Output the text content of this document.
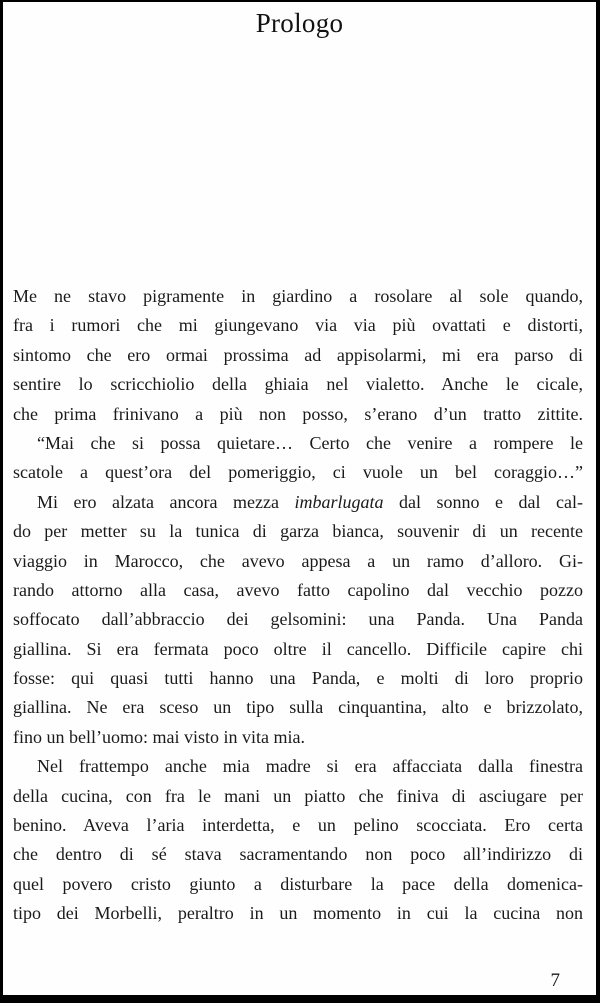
Prologo
Me ne stavo pigramente in giardino a rosolare al sole quando,
fra i rumori che mi giungevano via via più ovattati e distorti,
sintomo che ero ormai prossima ad appisolarmi, mi era parso di
sentire lo scricchiolio della ghiaia nel vialetto. Anche le cicale,
che prima frinivano a più non posso, s’erano d’un tratto zittite.
“Mai che si possa quietare… Certo che venire a rompere le
scatole a quest’ora del pomeriggio, ci vuole un bel coraggio…”
Mi ero alzata ancora mezza imbarlugata dal sonno e dal cal-
do per metter su la tunica di garza bianca, souvenir di un recente
viaggio in Marocco, che avevo appesa a un ramo d’alloro. Gi-
rando attorno alla casa, avevo fatto capolino dal vecchio pozzo
soffocato dall’abbraccio dei gelsomini: una Panda. Una Panda
giallina. Si era fermata poco oltre il cancello. Difficile capire chi
fosse: qui quasi tutti hanno una Panda, e molti di loro proprio
giallina. Ne era sceso un tipo sulla cinquantina, alto e brizzolato,
fino un bell’uomo: mai visto in vita mia.
Nel frattempo anche mia madre si era affacciata dalla finestra
della cucina, con fra le mani un piatto che finiva di asciugare per
benino. Aveva l’aria interdetta, e un pelino scocciata. Ero certa
che dentro di sé stava sacramentando non poco all’indirizzo di
quel povero cristo giunto a disturbare la pace della domenica-
tipo dei Morbelli, peraltro in un momento in cui la cucina non
7
